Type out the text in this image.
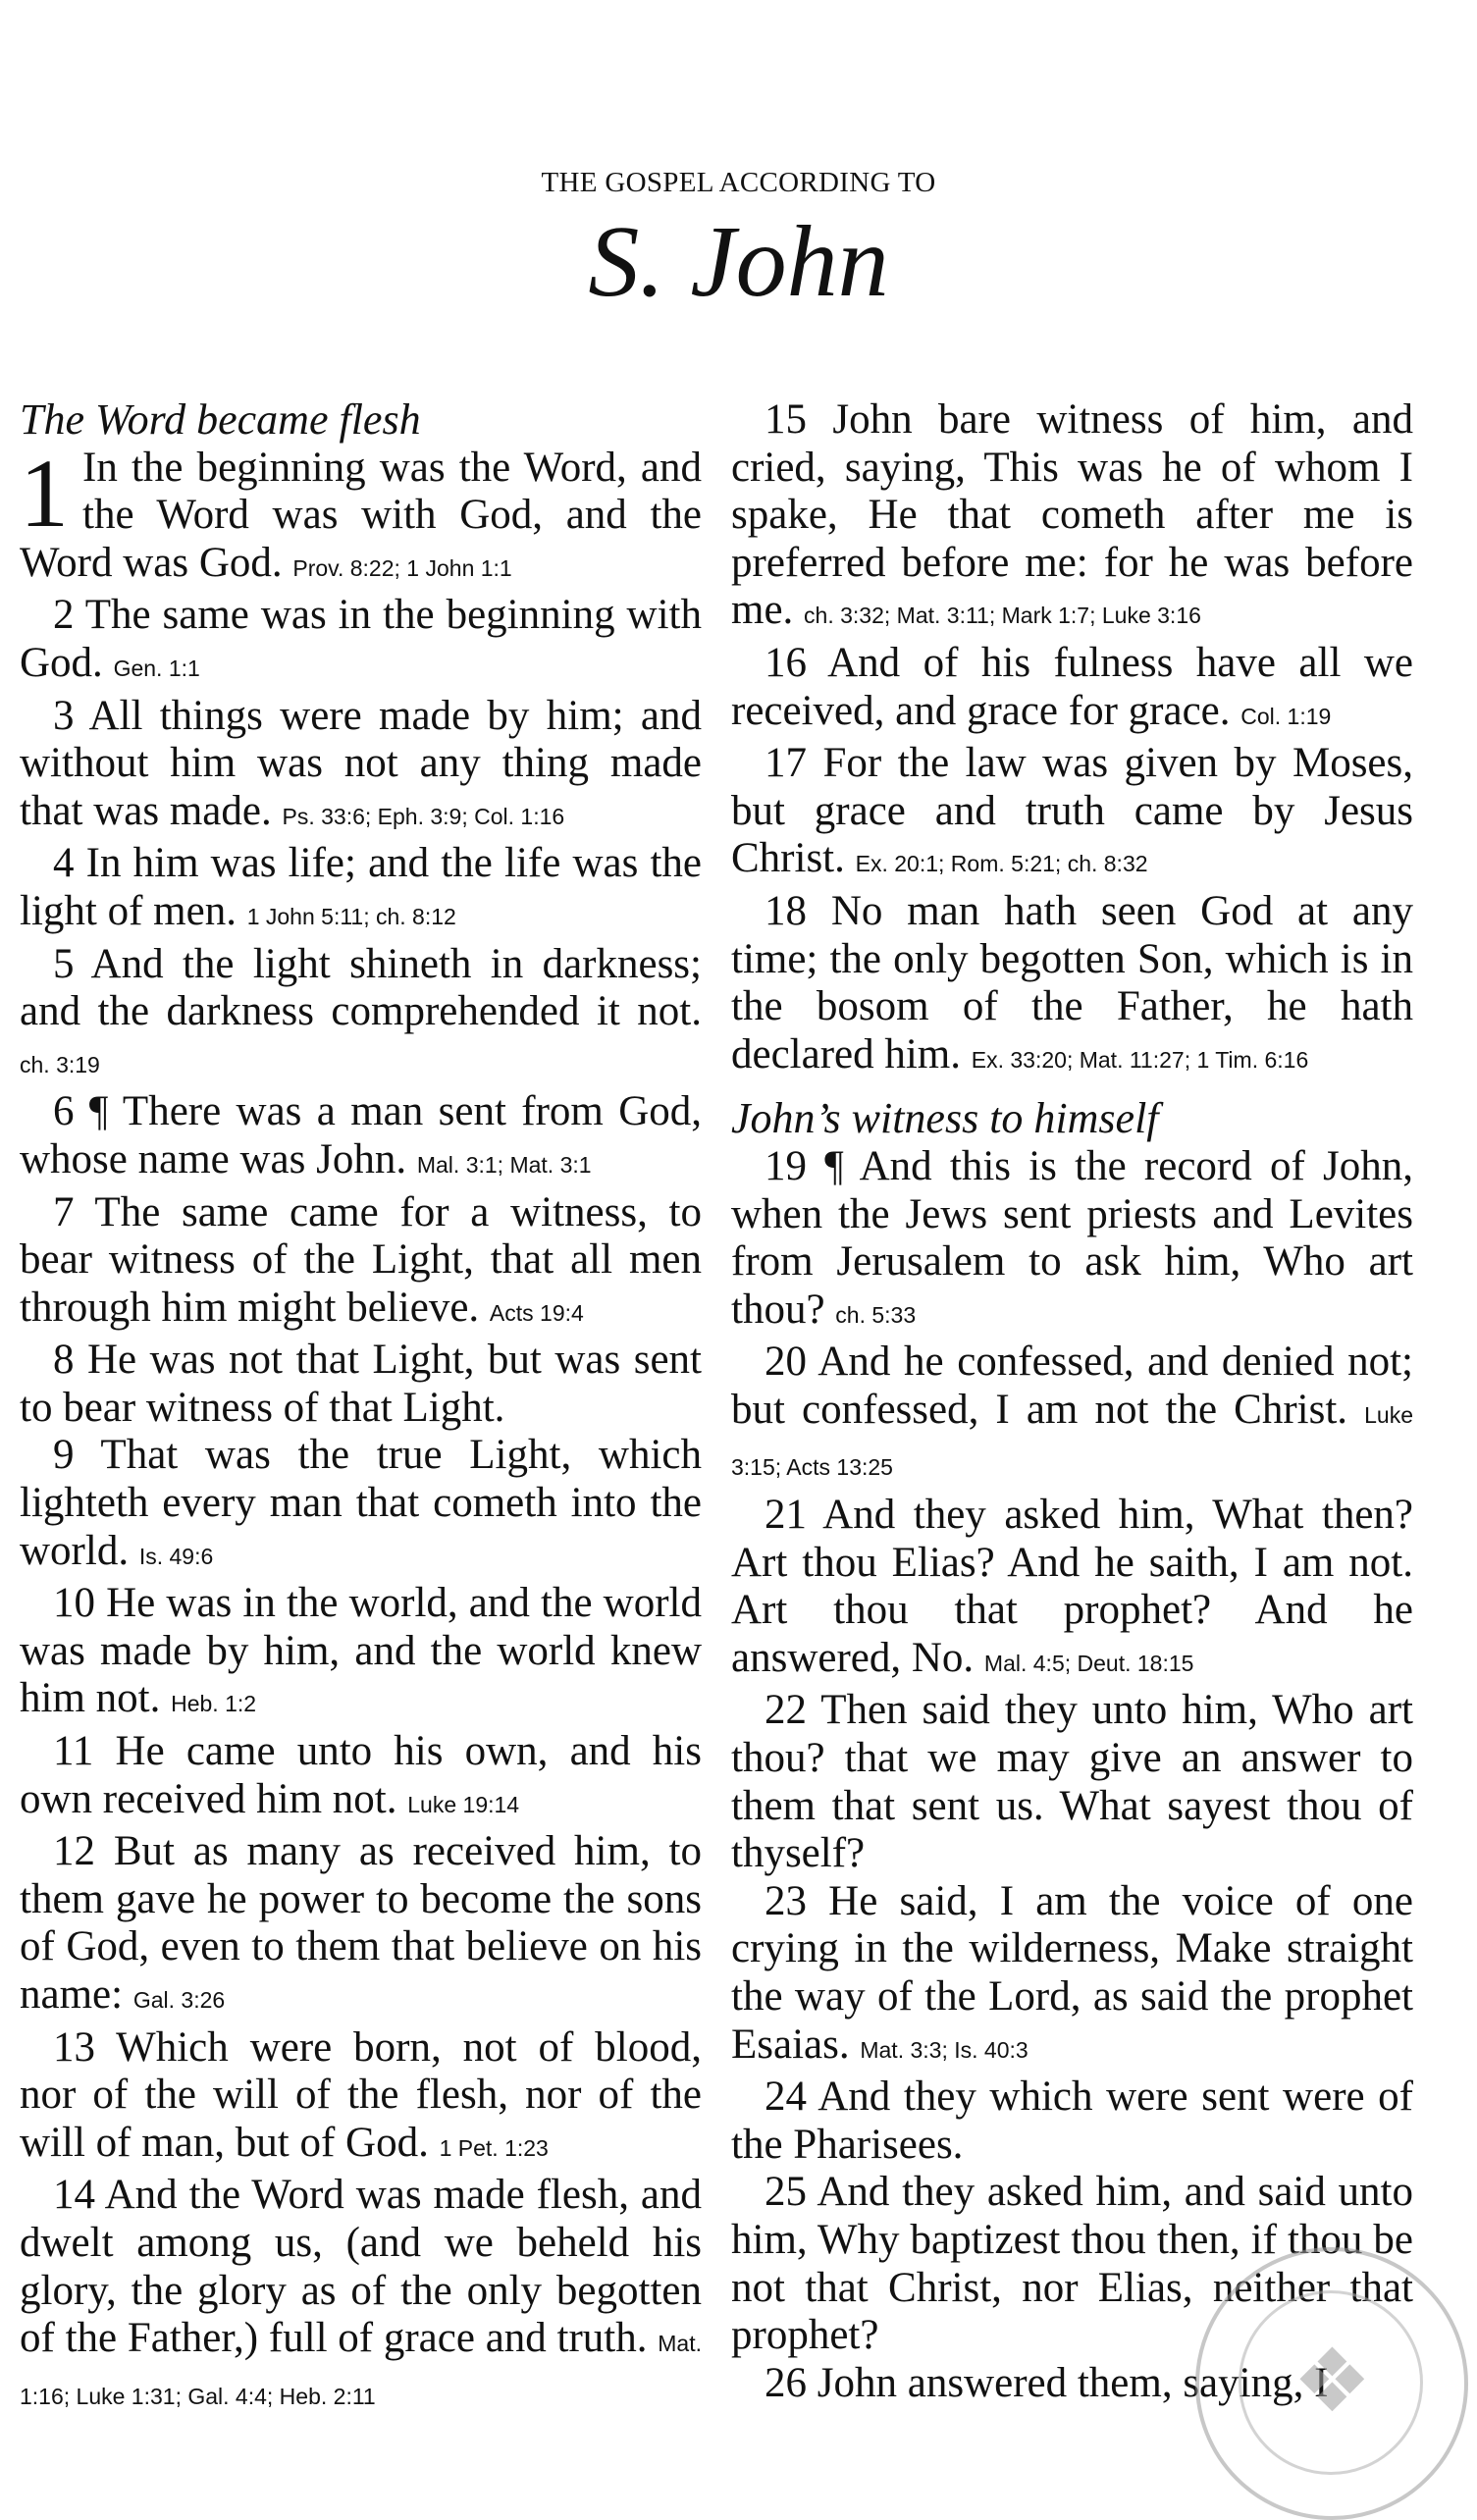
THE GOSPEL ACCORDING TO
S. John
The Word became flesh

1 In the beginning was the Word, and the Word was with God, and the Word was God. Prov. 8:22; 1 John 1:1

2 The same was in the beginning with God. Gen. 1:1

3 All things were made by him; and without him was not any thing made that was made. Ps. 33:6; Eph. 3:9; Col. 1:16

4 In him was life; and the life was the light of men. 1 John 5:11; ch. 8:12

5 And the light shineth in darkness; and the darkness comprehended it not. ch. 3:19

6 ¶ There was a man sent from God, whose name was John. Mal. 3:1; Mat. 3:1

7 The same came for a witness, to bear witness of the Light, that all men through him might believe. Acts 19:4

8 He was not that Light, but was sent to bear witness of that Light.

9 That was the true Light, which lighteth every man that cometh into the world. Is. 49:6

10 He was in the world, and the world was made by him, and the world knew him not. Heb. 1:2

11 He came unto his own, and his own received him not. Luke 19:14

12 But as many as received him, to them gave he power to become the sons of God, even to them that believe on his name: Gal. 3:26

13 Which were born, not of blood, nor of the will of the flesh, nor of the will of man, but of God. 1 Pet. 1:23

14 And the Word was made flesh, and dwelt among us, (and we beheld his glory, the glory as of the only begotten of the Father,) full of grace and truth. Mat. 1:16; Luke 1:31; Gal. 4:4; Heb. 2:11

15 John bare witness of him, and cried, saying, This was he of whom I spake, He that cometh after me is preferred before me: for he was before me. ch. 3:32; Mat. 3:11; Mark 1:7; Luke 3:16

16 And of his fulness have all we received, and grace for grace. Col. 1:19

17 For the law was given by Moses, but grace and truth came by Jesus Christ. Ex. 20:1; Rom. 5:21; ch. 8:32

18 No man hath seen God at any time; the only begotten Son, which is in the bosom of the Father, he hath declared him. Ex. 33:20; Mat. 11:27; 1 Tim. 6:16

John’s witness to himself

19 ¶ And this is the record of John, when the Jews sent priests and Levites from Jerusalem to ask him, Who art thou? ch. 5:33

20 And he confessed, and denied not; but confessed, I am not the Christ. Luke 3:15; Acts 13:25

21 And they asked him, What then? Art thou Elias? And he saith, I am not. Art thou that prophet? And he answered, No. Mal. 4:5; Deut. 18:15

22 Then said they unto him, Who art thou? that we may give an answer to them that sent us. What sayest thou of thyself?

23 He said, I am the voice of one crying in the wilderness, Make straight the way of the Lord, as said the prophet Esaias. Mat. 3:3; Is. 40:3

24 And they which were sent were of the Pharisees.

25 And they asked him, and said unto him, Why baptizest thou then, if thou be not that Christ, nor Elias, neither that prophet?

26 John answered them, saying, I

❖
